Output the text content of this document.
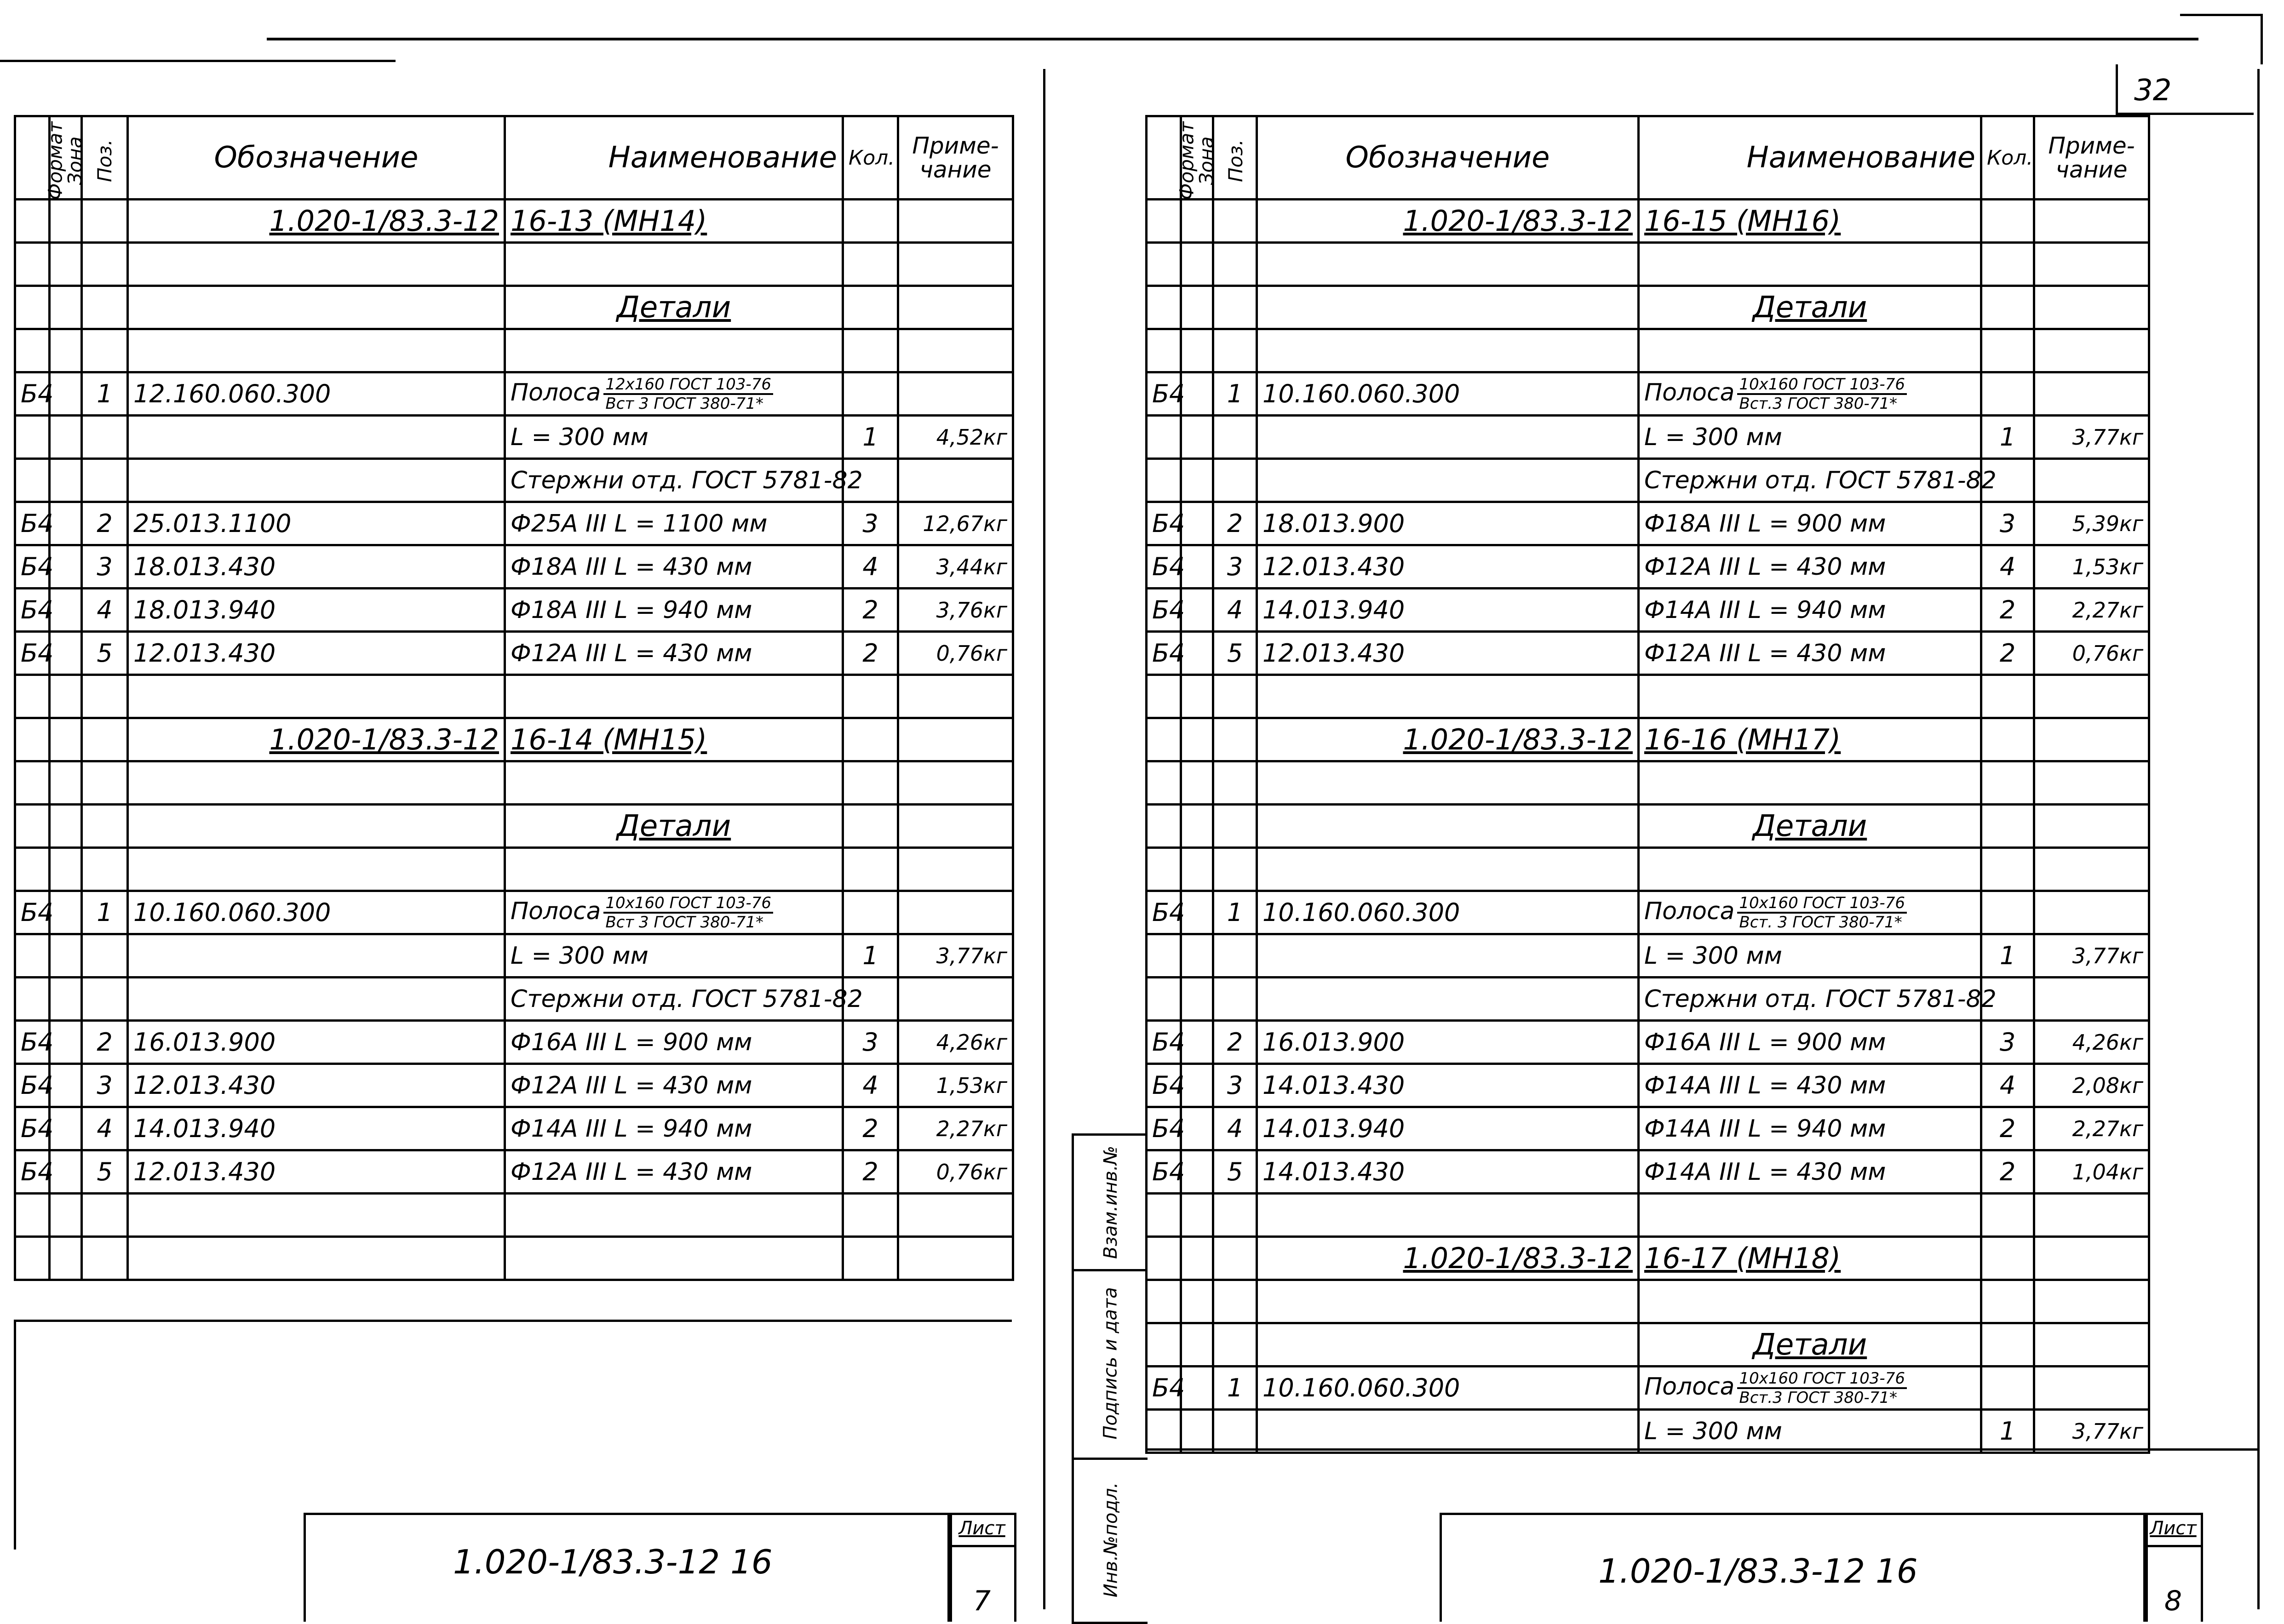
32
Формат	Зона	Поз.	Обозначение	Наименование	Кол.	Приме- чание
			1.020-1/83.3-12	16-13 (МН14)		

				Детали		

Б4		1	12.160.060.300	Полоса $\frac{\text{12х160 ГОСТ 103-76}}{\text{Вст 3 ГОСТ 380-71*}}$

				L = 300 мм	1	4,52кг
				Стержни отд. ГОСТ 5781-82		
Б4		2	25.013.1100	Ф25А III L = 1100 мм	3	12,67кг
Б4		3	18.013.430	Ф18А III L = 430 мм	4	3,44кг
Б4		4	18.013.940	Ф18А III L = 940 мм	2	3,76кг
Б4		5	12.013.430	Ф12А III L = 430 мм	2	0,76кг

			1.020-1/83.3-12	16-14 (МН15)		

				Детали		

Б4		1	10.160.060.300	Полоса $\frac{\text{10х160 ГОСТ 103-76}}{\text{Вст 3 ГОСТ 380-71*}}$

				L = 300 мм	1	3,77кг
				Стержни отд. ГОСТ 5781-82		
Б4		2	16.013.900	Ф16А III L = 900 мм	3	4,26кг
Б4		3	12.013.430	Ф12А III L = 430 мм	4	1,53кг
Б4		4	14.013.940	Ф14А III L = 940 мм	2	2,27кг
Б4		5	12.013.430	Ф12А III L = 430 мм	2	0,76кг

1.020-1/83.3-12 16
Лист
7
Взам.инв.№
Подпись и дата
Инв.№подл.
Формат	Зона	Поз.	Обозначение	Наименование	Кол.	Приме- чание
			1.020-1/83.3-12	16-15 (МН16)		

				Детали		

Б4		1	10.160.060.300	Полоса $\frac{\text{10х160 ГОСТ 103-76}}{\text{Вст.3 ГОСТ 380-71*}}$

				L = 300 мм	1	3,77кг
				Стержни отд. ГОСТ 5781-82		
Б4		2	18.013.900	Ф18А III L = 900 мм	3	5,39кг
Б4		3	12.013.430	Ф12А III L = 430 мм	4	1,53кг
Б4		4	14.013.940	Ф14А III L = 940 мм	2	2,27кг
Б4		5	12.013.430	Ф12А III L = 430 мм	2	0,76кг

			1.020-1/83.3-12	16-16 (МН17)		

				Детали		

Б4		1	10.160.060.300	Полоса $\frac{\text{10х160 ГОСТ 103-76}}{\text{Вст. 3 ГОСТ 380-71*}}$

				L = 300 мм	1	3,77кг
				Стержни отд. ГОСТ 5781-82		
Б4		2	16.013.900	Ф16А III L = 900 мм	3	4,26кг
Б4		3	14.013.430	Ф14А III L = 430 мм	4	2,08кг
Б4		4	14.013.940	Ф14А III L = 940 мм	2	2,27кг
Б4		5	14.013.430	Ф14А III L = 430 мм	2	1,04кг

			1.020-1/83.3-12	16-17 (МН18)		

				Детали		
Б4		1	10.160.060.300	Полоса $\frac{\text{10х160 ГОСТ 103-76}}{\text{Вст.3 ГОСТ 380-71*}}$

				L = 300 мм	1	3,77кг
1.020-1/83.3-12 16
Лист
8
